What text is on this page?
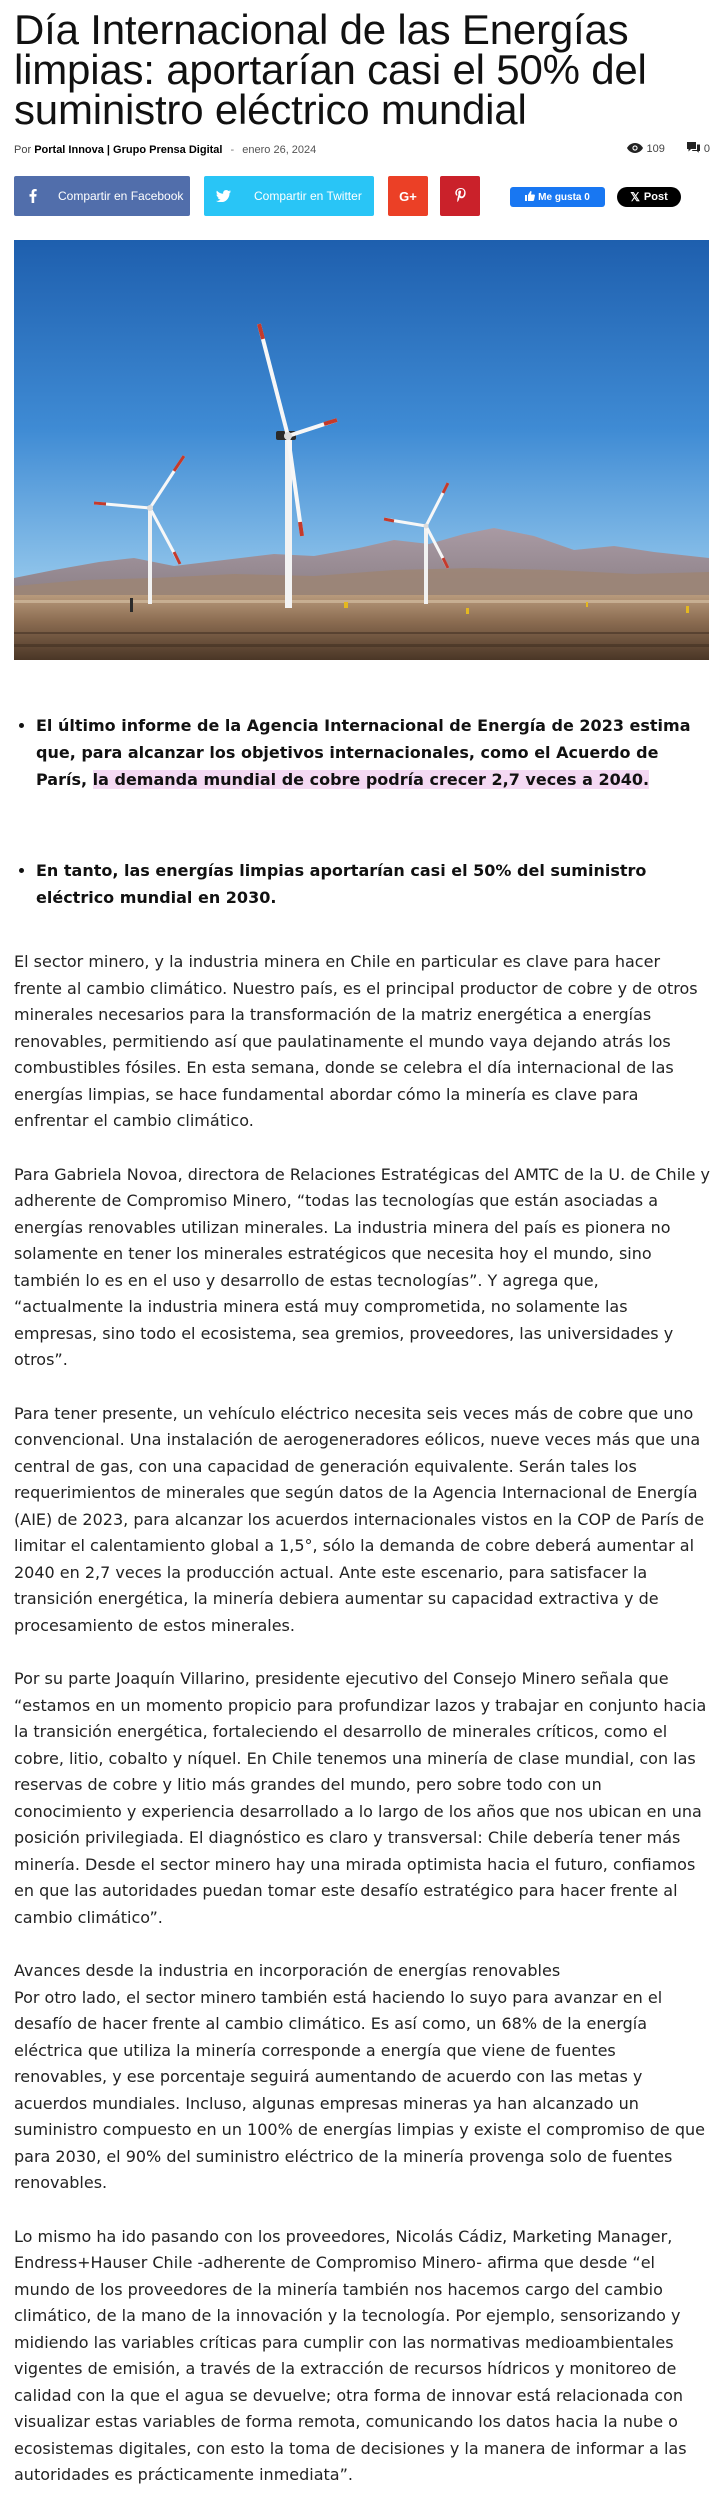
Día Internacional de las Energías limpias: aportarían casi el 50% del suministro eléctrico mundial
Por Portal Innova | Grupo Prensa Digital - enero 26, 2024	109	0
Compartir en Facebook	Compartir en Twitter	G+	Me gusta 0	𝕏 Post
• El último informe de la Agencia Internacional de Energía de 2023 estima que, para alcanzar los objetivos internacionales, como el Acuerdo de París, la demanda mundial de cobre podría crecer 2,7 veces a 2040.
• En tanto, las energías limpias aportarían casi el 50% del suministro eléctrico mundial en 2030.

El sector minero, y la industria minera en Chile en particular es clave para hacer frente al cambio climático. Nuestro país, es el principal productor de cobre y de otros minerales necesarios para la transformación de la matriz energética a energías renovables, permitiendo así que paulatinamente el mundo vaya dejando atrás los combustibles fósiles. En esta semana, donde se celebra el día internacional de las energías limpias, se hace fundamental abordar cómo la minería es clave para enfrentar el cambio climático.

Para Gabriela Novoa, directora de Relaciones Estratégicas del AMTC de la U. de Chile y adherente de Compromiso Minero, “todas las tecnologías que están asociadas a energías renovables utilizan minerales. La industria minera del país es pionera no solamente en tener los minerales estratégicos que necesita hoy el mundo, sino también lo es en el uso y desarrollo de estas tecnologías”. Y agrega que, “actualmente la industria minera está muy comprometida, no solamente las empresas, sino todo el ecosistema, sea gremios, proveedores, las universidades y otros”.

Para tener presente, un vehículo eléctrico necesita seis veces más de cobre que uno convencional. Una instalación de aerogeneradores eólicos, nueve veces más que una central de gas, con una capacidad de generación equivalente. Serán tales los requerimientos de minerales que según datos de la Agencia Internacional de Energía (AIE) de 2023, para alcanzar los acuerdos internacionales vistos en la COP de París de limitar el calentamiento global a 1,5°, sólo la demanda de cobre deberá aumentar al 2040 en 2,7 veces la producción actual. Ante este escenario, para satisfacer la transición energética, la minería debiera aumentar su capacidad extractiva y de procesamiento de estos minerales.

Por su parte Joaquín Villarino, presidente ejecutivo del Consejo Minero señala que “estamos en un momento propicio para profundizar lazos y trabajar en conjunto hacia la transición energética, fortaleciendo el desarrollo de minerales críticos, como el cobre, litio, cobalto y níquel. En Chile tenemos una minería de clase mundial, con las reservas de cobre y litio más grandes del mundo, pero sobre todo con un conocimiento y experiencia desarrollado a lo largo de los años que nos ubican en una posición privilegiada. El diagnóstico es claro y transversal: Chile debería tener más minería. Desde el sector minero hay una mirada optimista hacia el futuro, confiamos en que las autoridades puedan tomar este desafío estratégico para hacer frente al cambio climático”.

Avances desde la industria en incorporación de energías renovables

Por otro lado, el sector minero también está haciendo lo suyo para avanzar en el desafío de hacer frente al cambio climático. Es así como, un 68% de la energía eléctrica que utiliza la minería corresponde a energía que viene de fuentes renovables, y ese porcentaje seguirá aumentando de acuerdo con las metas y acuerdos mundiales. Incluso, algunas empresas mineras ya han alcanzado un suministro compuesto en un 100% de energías limpias y existe el compromiso de que para 2030, el 90% del suministro eléctrico de la minería provenga solo de fuentes renovables.

Lo mismo ha ido pasando con los proveedores, Nicolás Cádiz, Marketing Manager, Endress+Hauser Chile -adherente de Compromiso Minero- afirma que desde “el mundo de los proveedores de la minería también nos hacemos cargo del cambio climático, de la mano de la innovación y la tecnología. Por ejemplo, sensorizando y midiendo las variables críticas para cumplir con las normativas medioambientales vigentes de emisión, a través de la extracción de recursos hídricos y monitoreo de calidad con la que el agua se devuelve; otra forma de innovar está relacionada con visualizar estas variables de forma remota, comunicando los datos hacia la nube o ecosistemas digitales, con esto la toma de decisiones y la manera de informar a las autoridades es prácticamente inmediata”.
